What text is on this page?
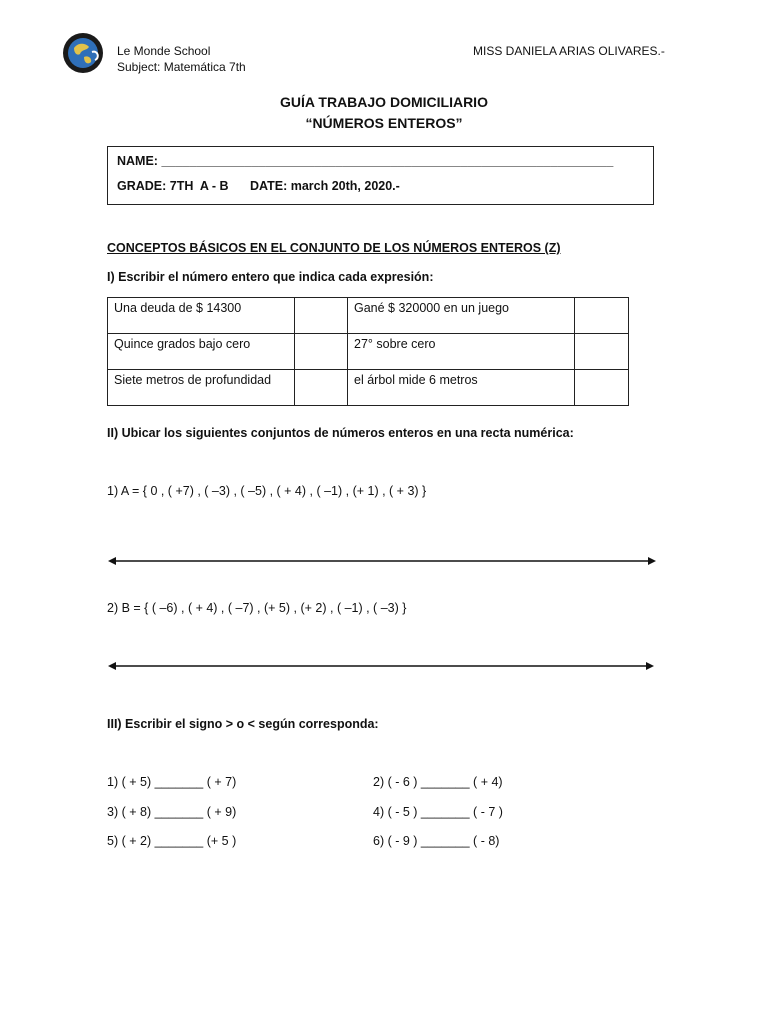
Le Monde School
Subject: Matemática 7th
MISS DANIELA ARIAS OLIVARES.-
GUÍA TRABAJO DOMICILIARIO
“NÚMEROS ENTEROS”
NAME: _________________________________________________________________
GRADE: 7TH  A - B DATE: march 20th, 2020.-
CONCEPTOS BÁSICOS EN EL CONJUNTO DE LOS NÚMEROS ENTEROS (Z)
I) Escribir el número entero que indica cada expresión:
Una deuda de $ 14300		Gané $ 320000 en un juego	
Quince grados bajo cero		27° sobre cero	
Siete metros de profundidad		el árbol mide 6 metros	
II) Ubicar los siguientes conjuntos de números enteros en una recta numérica:
1) A = { 0 , ( +7) , ( –3) , ( –5) , ( + 4) , ( –1) , (+ 1) , ( + 3) }
2) B = { ( –6) , ( + 4) , ( –7) , (+ 5) , (+ 2) , ( –1) , ( –3) }
III) Escribir el signo > o < según corresponda:
1) ( + 5) _______ ( + 7)	2) ( - 6 ) _______ ( + 4)
3) ( + 8) _______ ( + 9)	4) ( - 5 ) _______ ( - 7 )
5) ( + 2) _______ (+ 5 )	6) ( - 9 ) _______ ( - 8)
